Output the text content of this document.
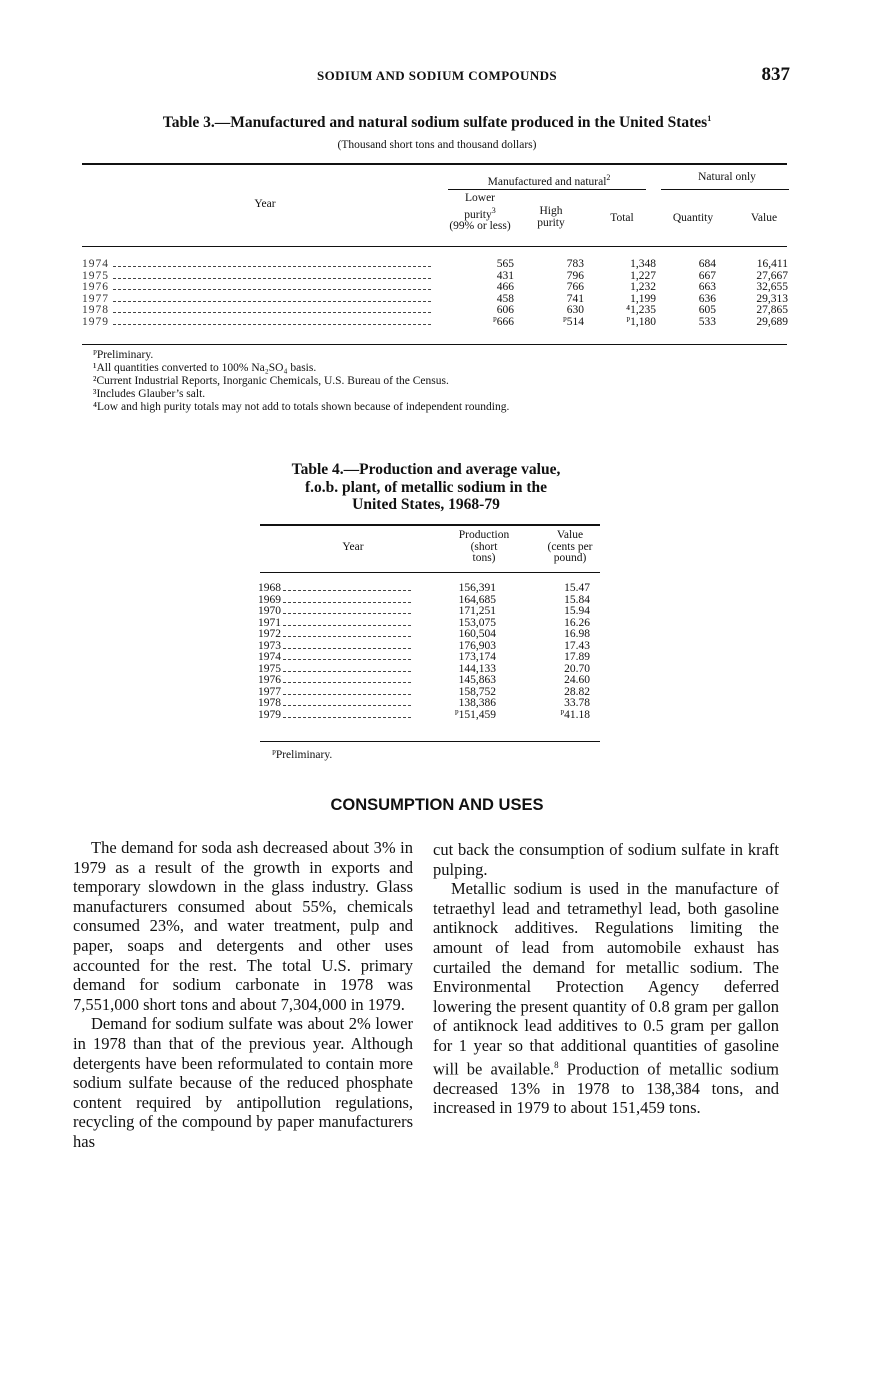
SODIUM AND SODIUM COMPOUNDS	837
Table 3.—Manufactured and natural sodium sulfate produced in the United States$^1$
(Thousand short tons and thousand dollars)
Year
Manufactured and natural$^2$	Natural only
Lower purity$^3$
(99% or less)
High purity	Total	Quantity	Value
1974	565	783	1,348	684	16,411
1975	431	796	1,227	667	27,667
1976	466	766	1,232	663	32,655
1977	458	741	1,199	636	29,313
1978	606	630	⁴1,235	605	27,865
1979	ᴾ666	ᴾ514	ᴾ1,180	533	29,689
ᴾPreliminary.
¹All quantities converted to 100% Na₂SO₄ basis.
²Current Industrial Reports, Inorganic Chemicals, U.S. Bureau of the Census.
³Includes Glauber’s salt.
⁴Low and high purity totals may not add to totals shown because of independent rounding.
Table 4.—Production and average value,
f.o.b. plant, of metallic sodium in the
United States, 1968-79
Year
Production
(short
tons)
Value
(cents per
pound)
1968	156,391	15.47
1969	164,685	15.84
1970	171,251	15.94
1971	153,075	16.26
1972	160,504	16.98
1973	176,903	17.43
1974	173,174	17.89
1975	144,133	20.70
1976	145,863	24.60
1977	158,752	28.82
1978	138,386	33.78
1979	ᴾ151,459	ᴾ41.18
ᴾPreliminary.
CONSUMPTION AND USES

The demand for soda ash decreased about 3% in 1979 as a result of the growth in exports and temporary slowdown in the glass industry. Glass manufacturers consumed about 55%, chemicals consumed 23%, and water treatment, pulp and paper, soaps and detergents and other uses accounted for the rest. The total U.S. primary demand for sodium carbonate in 1978 was 7,551,000 short tons and about 7,304,000 in 1979.

Demand for sodium sulfate was about 2% lower in 1978 than that of the previous year. Although detergents have been reformulated to contain more sodium sulfate because of the reduced phosphate content required by antipollution regulations, recycling of the compound by paper manufacturers has

cut back the consumption of sodium sulfate in kraft pulping.

Metallic sodium is used in the manufacture of tetraethyl lead and tetramethyl lead, both gasoline antiknock additives. Regulations limiting the amount of lead from automobile exhaust has curtailed the demand for metallic sodium. The Environmental Protection Agency deferred lowering the present quantity of 0.8 gram per gallon of antiknock lead additives to 0.5 gram per gallon for 1 year so that additional quantities of gasoline will be available.$^8$ Production of metallic sodium decreased 13% in 1978 to 138,384 tons, and increased in 1979 to about 151,459 tons.
